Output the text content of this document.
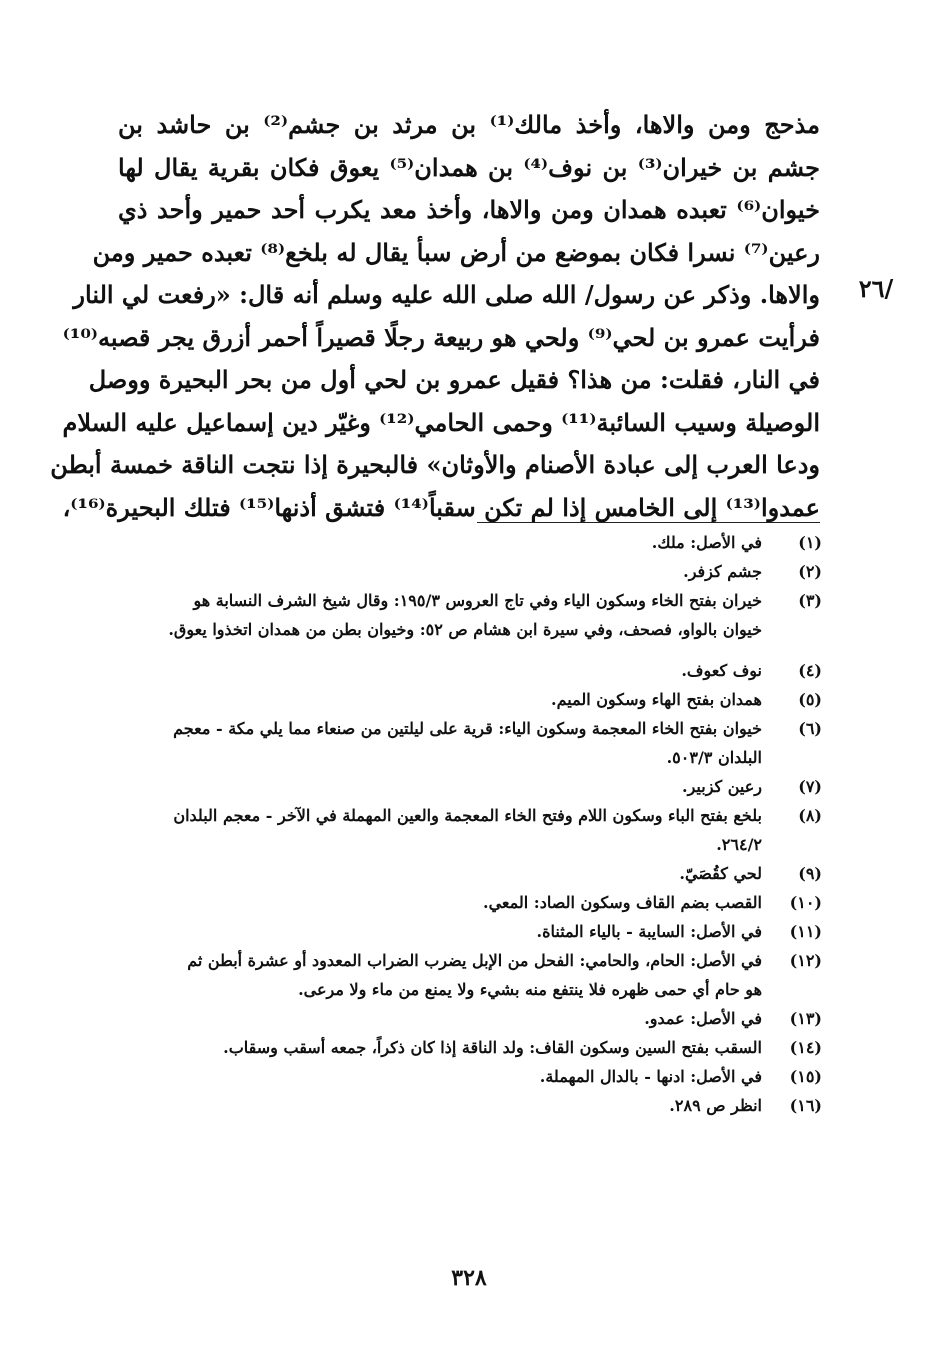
/٢٦
مذحج ومن والاها، وأخذ مالك⁽¹⁾ بن مرثد بن جشم⁽²⁾ بن حاشد بن
جشم بن خيران⁽³⁾ بن نوف⁽⁴⁾ بن همدان⁽⁵⁾ يعوق فكان بقرية يقال لها
خيوان⁽⁶⁾ تعبده همدان ومن والاها، وأخذ معد يكرب أحد حمير وأحد ذي
رعين⁽⁷⁾ نسرا فكان بموضع من أرض سبأ يقال له بلخع⁽⁸⁾ تعبده حمير ومن
والاها. وذكر عن رسول/ الله صلى الله عليه وسلم أنه قال: «رفعت لي النار
فرأيت عمرو بن لحي⁽⁹⁾ ولحي هو ربيعة رجلًا قصيراً أحمر أزرق يجر قصبه⁽¹⁰⁾
في النار، فقلت: من هذا؟ فقيل عمرو بن لحي أول من بحر البحيرة ووصل
الوصيلة وسيب السائبة⁽¹¹⁾ وحمى الحامي⁽¹²⁾ وغيّر دين إسماعيل عليه السلام
ودعا العرب إلى عبادة الأصنام والأوثان» فالبحيرة إذا نتجت الناقة خمسة أبطن
عمدوا⁽¹³⁾ إلى الخامس إذا لم تكن سقباً⁽¹⁴⁾ فتشق أذنها⁽¹⁵⁾ فتلك البحيرة⁽¹⁶⁾،
(١)
في الأصل: ملك.
(٢)
جشم كزفر.
(٣)
خيران بفتح الخاء وسكون الياء وفي تاج العروس ١٩٥/٣: وقال شيخ الشرف النسابة هو
خيوان بالواو، فصحف، وفي سيرة ابن هشام ص ٥٢: وخيوان بطن من همدان اتخذوا يعوق.
(٤)
نوف كعوف.
(٥)
همدان بفتح الهاء وسكون الميم.
(٦)
خيوان بفتح الخاء المعجمة وسكون الياء: قرية على ليلتين من صنعاء مما يلي مكة - معجم
البلدان ٥٠٣/٣.
(٧)
رعين كزبير.
(٨)
بلخع بفتح الباء وسكون اللام وفتح الخاء المعجمة والعين المهملة في الآخر - معجم البلدان
٢٦٤/٢.
(٩)
لحي كقُصَيّ.
(١٠)
القصب بضم القاف وسكون الصاد: المعي.
(١١)
في الأصل: السايبة - بالياء المثناة.
(١٢)
في الأصل: الحام، والحامي: الفحل من الإبل يضرب الضراب المعدود أو عشرة أبطن ثم
هو حام أي حمى ظهره فلا ينتفع منه بشيء ولا يمنع من ماء ولا مرعى.
(١٣)
في الأصل: عمدو.
(١٤)
السقب بفتح السين وسكون القاف: ولد الناقة إذا كان ذكراً، جمعه أسقب وسقاب.
(١٥)
في الأصل: ادنها - بالدال المهملة.
(١٦)
انظر ص ٢٨٩.
٣٢٨
